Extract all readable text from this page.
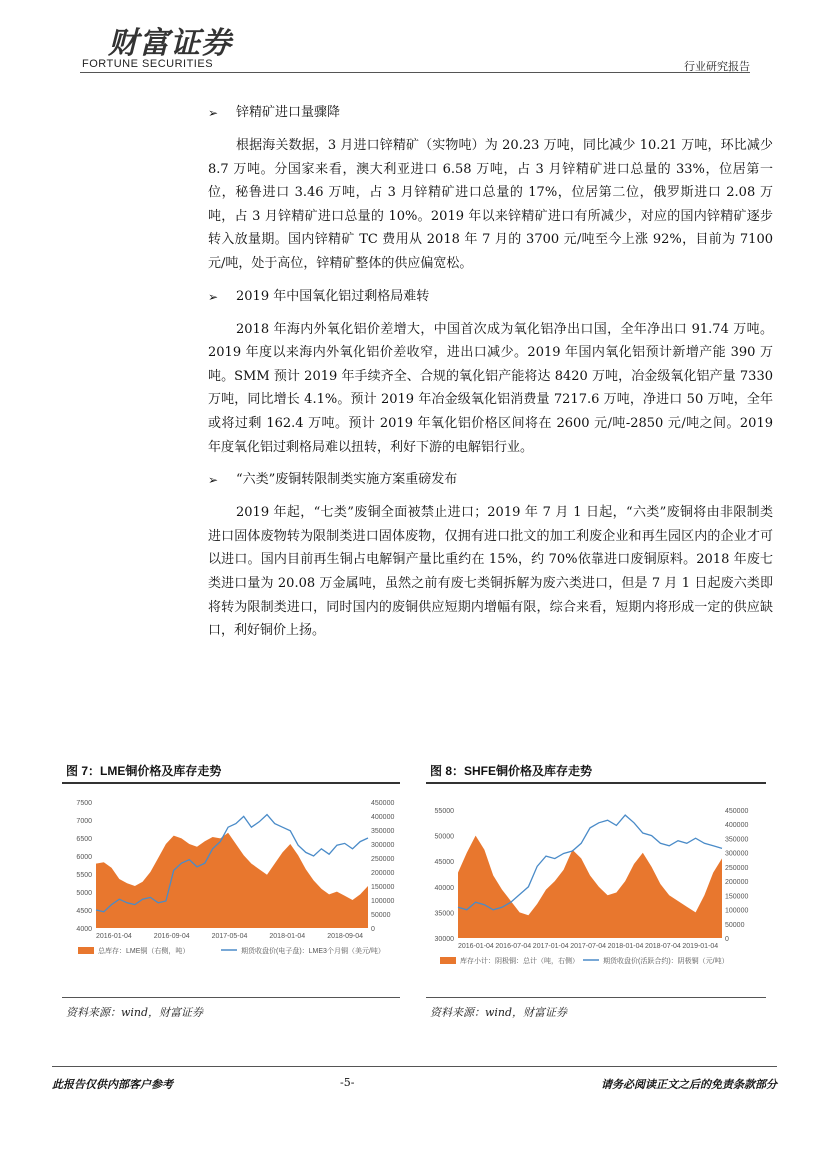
财富证券
FORTUNE SECURITIES	行业研究报告
➢ 锌精矿进口量骤降

根据海关数据，3 月进口锌精矿（实物吨）为 20.23 万吨，同比减少 10.21 万吨，环比减少 8.7 万吨。分国家来看，澳大利亚进口 6.58 万吨，占 3 月锌精矿进口总量的 33%，位居第一位，秘鲁进口 3.46 万吨，占 3 月锌精矿进口总量的 17%，位居第二位，俄罗斯进口 2.08 万吨，占 3 月锌精矿进口总量的 10%。2019 年以来锌精矿进口有所减少，对应的国内锌精矿逐步转入放量期。国内锌精矿 TC 费用从 2018 年 7 月的 3700 元/吨至今上涨 92%，目前为 7100 元/吨，处于高位，锌精矿整体的供应偏宽松。

➢ 2019 年中国氧化铝过剩格局难转

2018 年海内外氧化铝价差增大，中国首次成为氧化铝净出口国，全年净出口 91.74 万吨。2019 年度以来海内外氧化铝价差收窄，进出口减少。2019 年国内氧化铝预计新增产能 390 万吨。SMM 预计 2019 年手续齐全、合规的氧化铝产能将达 8420 万吨，冶金级氧化铝产量 7330 万吨，同比增长 4.1%。预计 2019 年冶金级氧化铝消费量 7217.6 万吨，净进口 50 万吨，全年或将过剩 162.4 万吨。预计 2019 年氧化铝价格区间将在 2600 元/吨-2850 元/吨之间。2019 年度氧化铝过剩格局难以扭转，利好下游的电解铝行业。

➢ “六类”废铜转限制类实施方案重磅发布

2019 年起，“七类”废铜全面被禁止进口；2019 年 7 月 1 日起，“六类”废铜将由非限制类进口固体废物转为限制类进口固体废物，仅拥有进口批文的加工利废企业和再生园区内的企业才可以进口。国内目前再生铜占电解铜产量比重约在 15%，约 70%依靠进口废铜原料。2018 年废七类进口量为 20.08 万金属吨，虽然之前有废七类铜拆解为废六类进口，但是 7 月 1 日起废六类即将转为限制类进口，同时国内的废铜供应短期内增幅有限，综合来看，短期内将形成一定的供应缺口，利好铜价上扬。

图 7：LME铜价格及库存走势
7500
7000
6500
6000
5500
5000
4500
4000
450000
400000
350000
300000
250000
200000
150000
100000
50000
0
2016-01-04	2016-09-04	2017-05-04	2018-01-04	2018-09-04
总库存：LME铜（右侧，吨）	期货收盘价(电子盘)：LME3个月铜（美元/吨）
资料来源：wind，财富证券
图 8：SHFE铜价格及库存走势
55000
50000
45000
40000
35000
30000
450000
400000
350000
300000
250000
200000
150000
100000
50000
0
2016-01-04 2016-07-04 2017-01-04 2017-07-04 2018-01-04 2018-07-04 2019-01-04
库存小计：阴极铜：总计（吨，右侧）	期货收盘价(活跃合约)：阴极铜（元/吨）
资料来源：wind，财富证券
此报告仅供内部客户参考	-5-	请务必阅读正文之后的免责条款部分
